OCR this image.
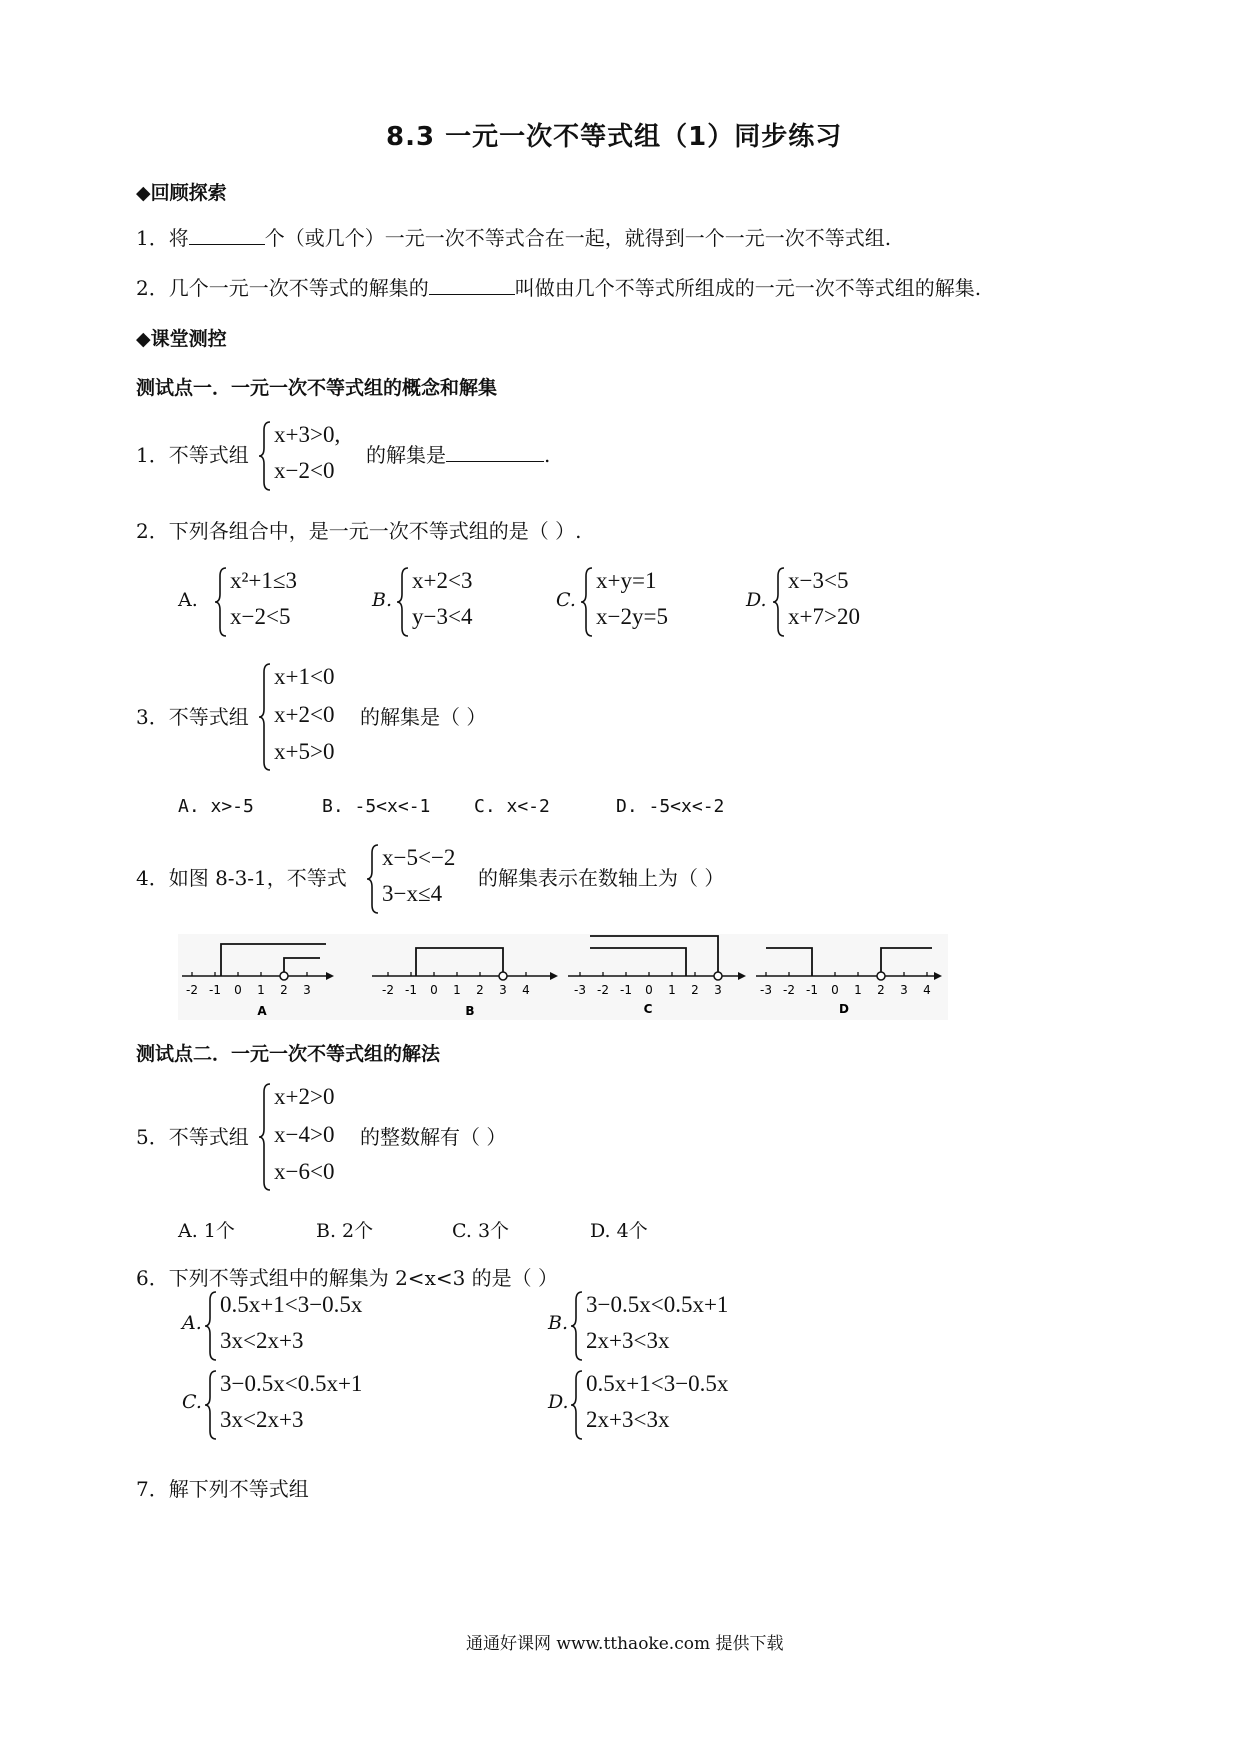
8.3 一元一次不等式组（1）同步练习
◆回顾探索
1．将	个（或几个）一元一次不等式合在一起，就得到一个一元一次不等式组.
2．几个一元一次不等式的解集的	叫做由几个不等式所组成的一元一次不等式组的解集.
◆课堂测控
测试点一．一元一次不等式组的概念和解集
1．不等式组
x+3>0,
x−2<0
的解集是	.
2．下列各组合中，是一元一次不等式组的是（ ）.
A.
x²+1≤3
x−2<5
B.
x+2<3
y−3<4
C.
x+y=1
x−2y=5
D.
x−3<5
x+7>20
3．不等式组
x+1<0
x+2<0
x+5>0
的解集是（ ）
A. x>-5	B. -5<x<-1 C. x<-2	D. -5<x<-2
4．如图 8-3-1，不等式
x−5<−2
3−x≤4
的解集表示在数轴上为（ ）
-2 -1 0 1 2 3
A
-2 -1 0 1 2 3 4
B
-3 -2 -1 0 1 2 3
C
-3 -2 -1 0 1 2 3 4
D
测试点二．一元一次不等式组的解法
5．不等式组
x+2>0
x−4>0
x−6<0
的整数解有（ ）
A. 1个	B. 2个	C. 3个	D. 4个
6．下列不等式组中的解集为 2<x<3 的是（ ）
A.
0.5x+1<3−0.5x
3x<2x+3
B.
3−0.5x<0.5x+1
2x+3<3x
C.
3−0.5x<0.5x+1
3x<2x+3
D.
0.5x+1<3−0.5x
2x+3<3x
7．解下列不等式组
通通好课网 www.tthaoke.com 提供下载
